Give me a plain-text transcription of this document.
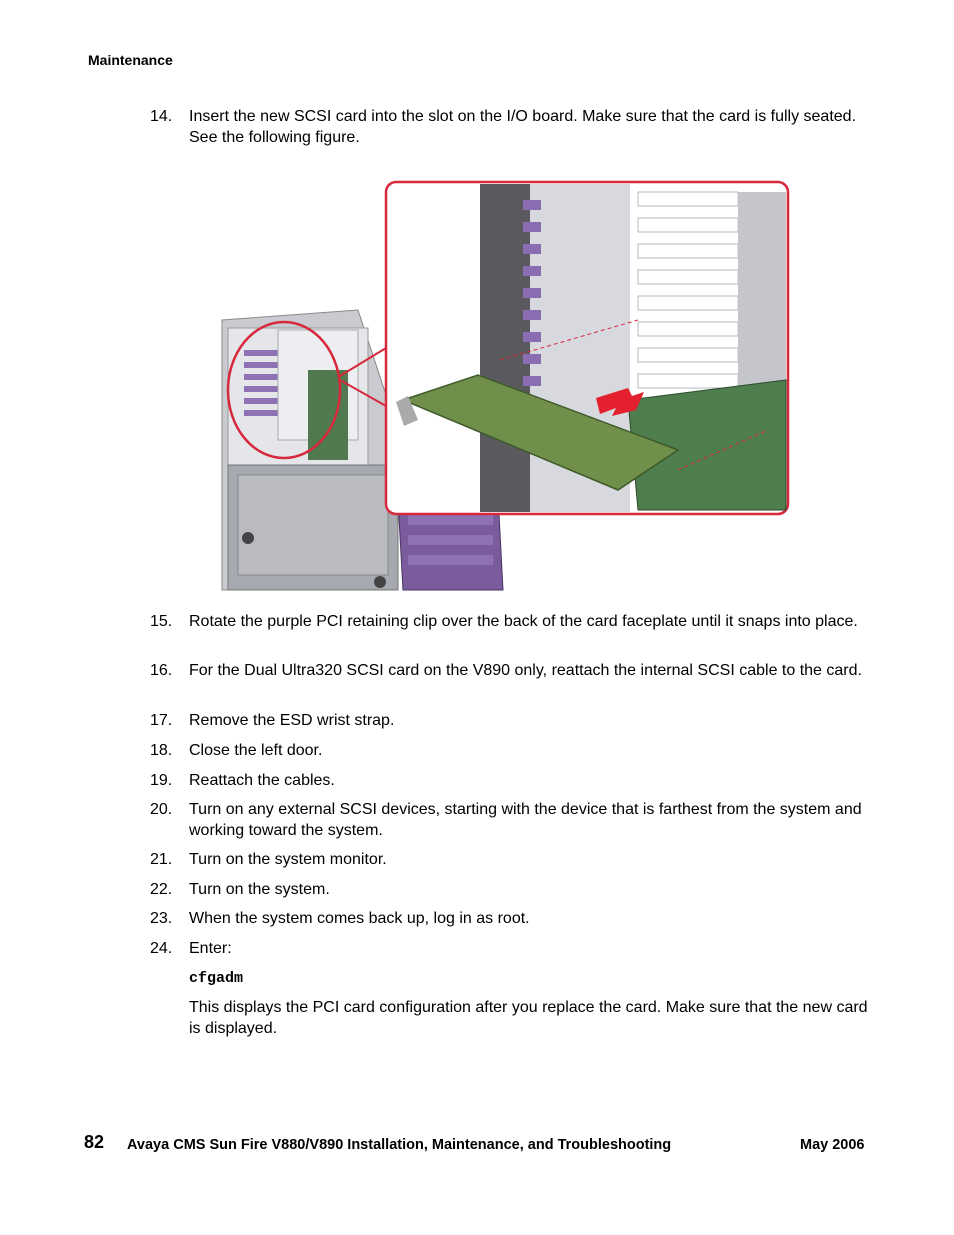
Maintenance
14.	Insert the new SCSI card into the slot on the I/O board. Make sure that the card is fully seated. See the following figure.
15.	Rotate the purple PCI retaining clip over the back of the card faceplate until it snaps into place.
16.	For the Dual Ultra320 SCSI card on the V890 only, reattach the internal SCSI cable to the card.
17.	Remove the ESD wrist strap.
18.	Close the left door.
19.	Reattach the cables.
20.	Turn on any external SCSI devices, starting with the device that is farthest from the system and working toward the system.
21.	Turn on the system monitor.
22.	Turn on the system.
23.	When the system comes back up, log in as root.
24.	Enter:
cfgadm
This displays the PCI card configuration after you replace the card. Make sure that the new card is displayed.
82 Avaya CMS Sun Fire V880/V890 Installation, Maintenance, and Troubleshooting	May 2006
